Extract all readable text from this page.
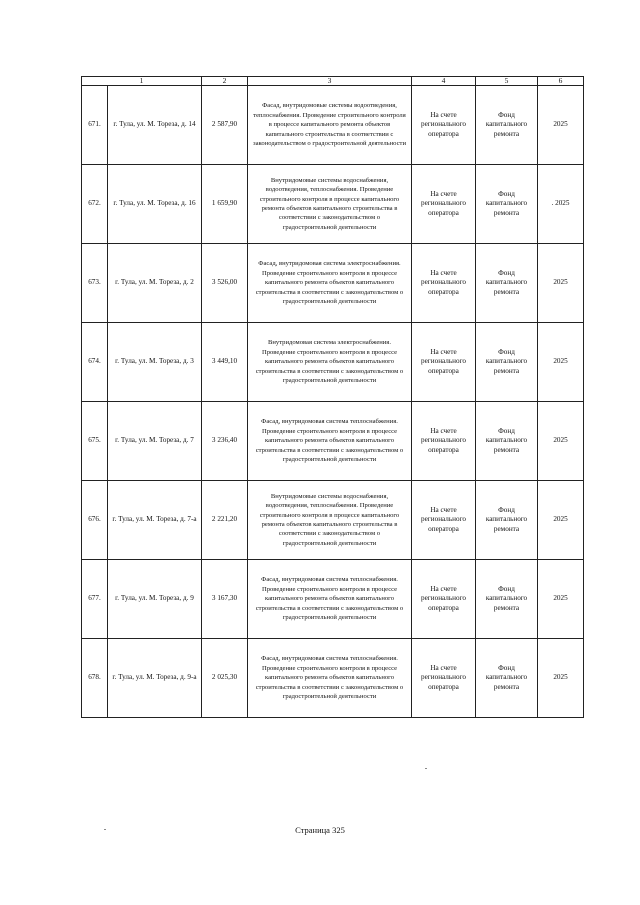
1		2	3	4	5	6
671.	г. Тула, ул. М. Тореза, д. 14	2 587,90	Фасад, внутридомовые системы водоотведения, теплоснабжения. Проведение строительного контроля в процессе капитального ремонта объектов капитального строительства в соответствии с законодательством о градостроительной деятельности	На счете регионального оператора	Фонд капитального ремонта	2025
672.	г. Тула, ул. М. Тореза, д. 16	1 659,90	Внутридомовые системы водоснабжения, водоотведения, теплоснабжения. Проведение строительного контроля в процессе капитального ремонта объектов капитального строительства в соответствии с законодательством о градостроительной деятельности	На счете регионального оператора	Фонд капитального ремонта	. 2025
673.	г. Тула, ул. М. Тореза, д. 2	3 526,00	Фасад, внутридомовая система электроснабжения. Проведение строительного контроля в процессе капитального ремонта объектов капитального строительства в соответствии с законодательством о градостроительной деятельности	На счете регионального оператора	Фонд капитального ремонта	2025
674.	г. Тула, ул. М. Тореза, д. 3	3 449,10	Внутридомовая система электроснабжения. Проведение строительного контроля в процессе капитального ремонта объектов капитального строительства в соответствии с законодательством о градостроительной деятельности	На счете регионального оператора	Фонд капитального ремонта	2025
675.	г. Тула, ул. М. Тореза, д. 7	3 236,40	Фасад, внутридомовая система теплоснабжения. Проведение строительного контроля в процессе капитального ремонта объектов капитального строительства в соответствии с законодательством о градостроительной деятельности	На счете регионального оператора	Фонд капитального ремонта	2025
676.	г. Тула, ул. М. Тореза, д. 7-а	2 221,20	Внутридомовые системы водоснабжения, водоотведения, теплоснабжения. Проведение строительного контроля в процессе капитального ремонта объектов капитального строительства в соответствии с законодательством о градостроительной деятельности	На счете регионального оператора	Фонд капитального ремонта	2025
677.	г. Тула, ул. М. Тореза, д. 9	3 167,30	Фасад, внутридомовая система теплоснабжения. Проведение строительного контроля в процессе капитального ремонта объектов капитального строительства в соответствии с законодательством о градостроительной деятельности	На счете регионального оператора	Фонд капитального ремонта	2025
678.	г. Тула, ул. М. Тореза, д. 9-а	2 025,30	Фасад, внутридомовая система теплоснабжения. Проведение строительного контроля в процессе капитального ремонта объектов капитального строительства в соответствии с законодательством о градостроительной деятельности	На счете регионального оператора	Фонд капитального ремонта	2025
Страница 325
